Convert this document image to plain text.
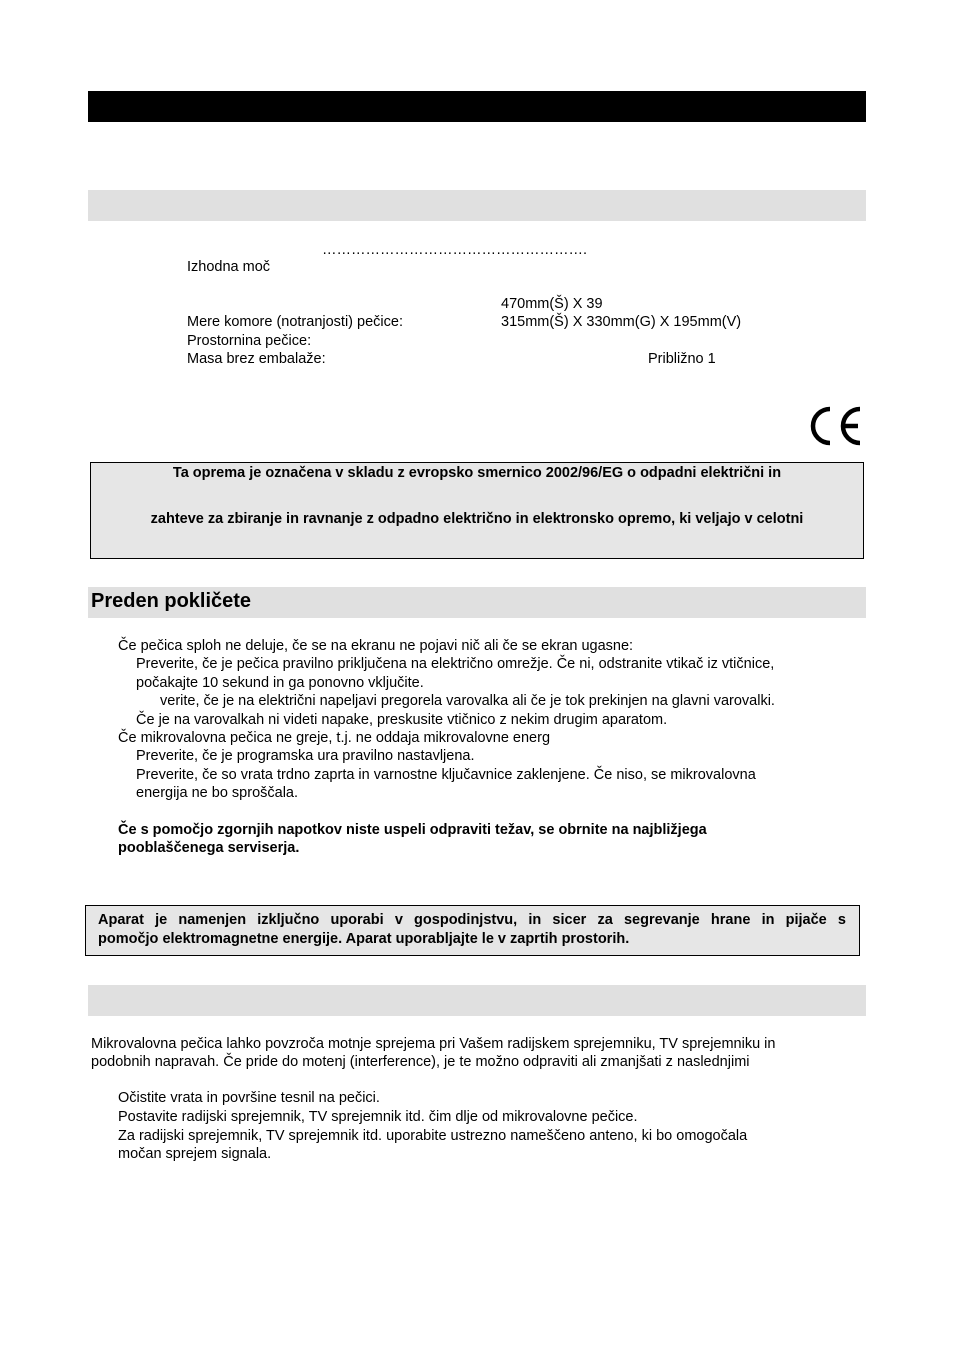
……………………………………………….
Izhodna moč
470mm(Š) X 39
Mere komore (notranjosti) pečice:	315mm(Š) X 330mm(G) X 195mm(V)
Prostornina pečice:
Masa brez embalaže:	Približno 1
Ta oprema je označena v skladu z evropsko smernico 2002/96/EG o odpadni električni in
zahteve za zbiranje in ravnanje z odpadno električno in elektronsko opremo, ki veljajo v celotni
Preden pokličete
Če pečica sploh ne deluje, če se na ekranu ne pojavi nič ali če se ekran ugasne:
Preverite, če je pečica pravilno priključena na električno omrežje. Če ni, odstranite vtikač iz vtičnice,
počakajte 10 sekund in ga ponovno vključite.
verite, če je na električni napeljavi pregorela varovalka ali če je tok prekinjen na glavni varovalki.
Če je na varovalkah ni videti napake, preskusite vtičnico z nekim drugim aparatom.
Če mikrovalovna pečica ne greje, t.j. ne oddaja mikrovalovne energ
Preverite, če je programska ura pravilno nastavljena.
Preverite, če so vrata trdno zaprta in varnostne ključavnice zaklenjene. Če niso, se mikrovalovna
energija ne bo sproščala.
Če s pomočjo zgornjih napotkov niste uspeli odpraviti težav, se obrnite na najbližjega
pooblaščenega serviserja.
Aparat je namenjen izključno uporabi v gospodinjstvu, in sicer za segrevanje hrane in pijače s
pomočjo elektromagnetne energije. Aparat uporabljajte le v zaprtih prostorih.
Mikrovalovna pečica lahko povzroča motnje sprejema pri Vašem radijskem sprejemniku, TV sprejemniku in
podobnih napravah. Če pride do motenj (interference), je te možno odpraviti ali zmanjšati z naslednjimi
Očistite vrata in površine tesnil na pečici.
Postavite radijski sprejemnik, TV sprejemnik itd. čim dlje od mikrovalovne pečice.
Za radijski sprejemnik, TV sprejemnik itd. uporabite ustrezno nameščeno anteno, ki bo omogočala
močan sprejem signala.
